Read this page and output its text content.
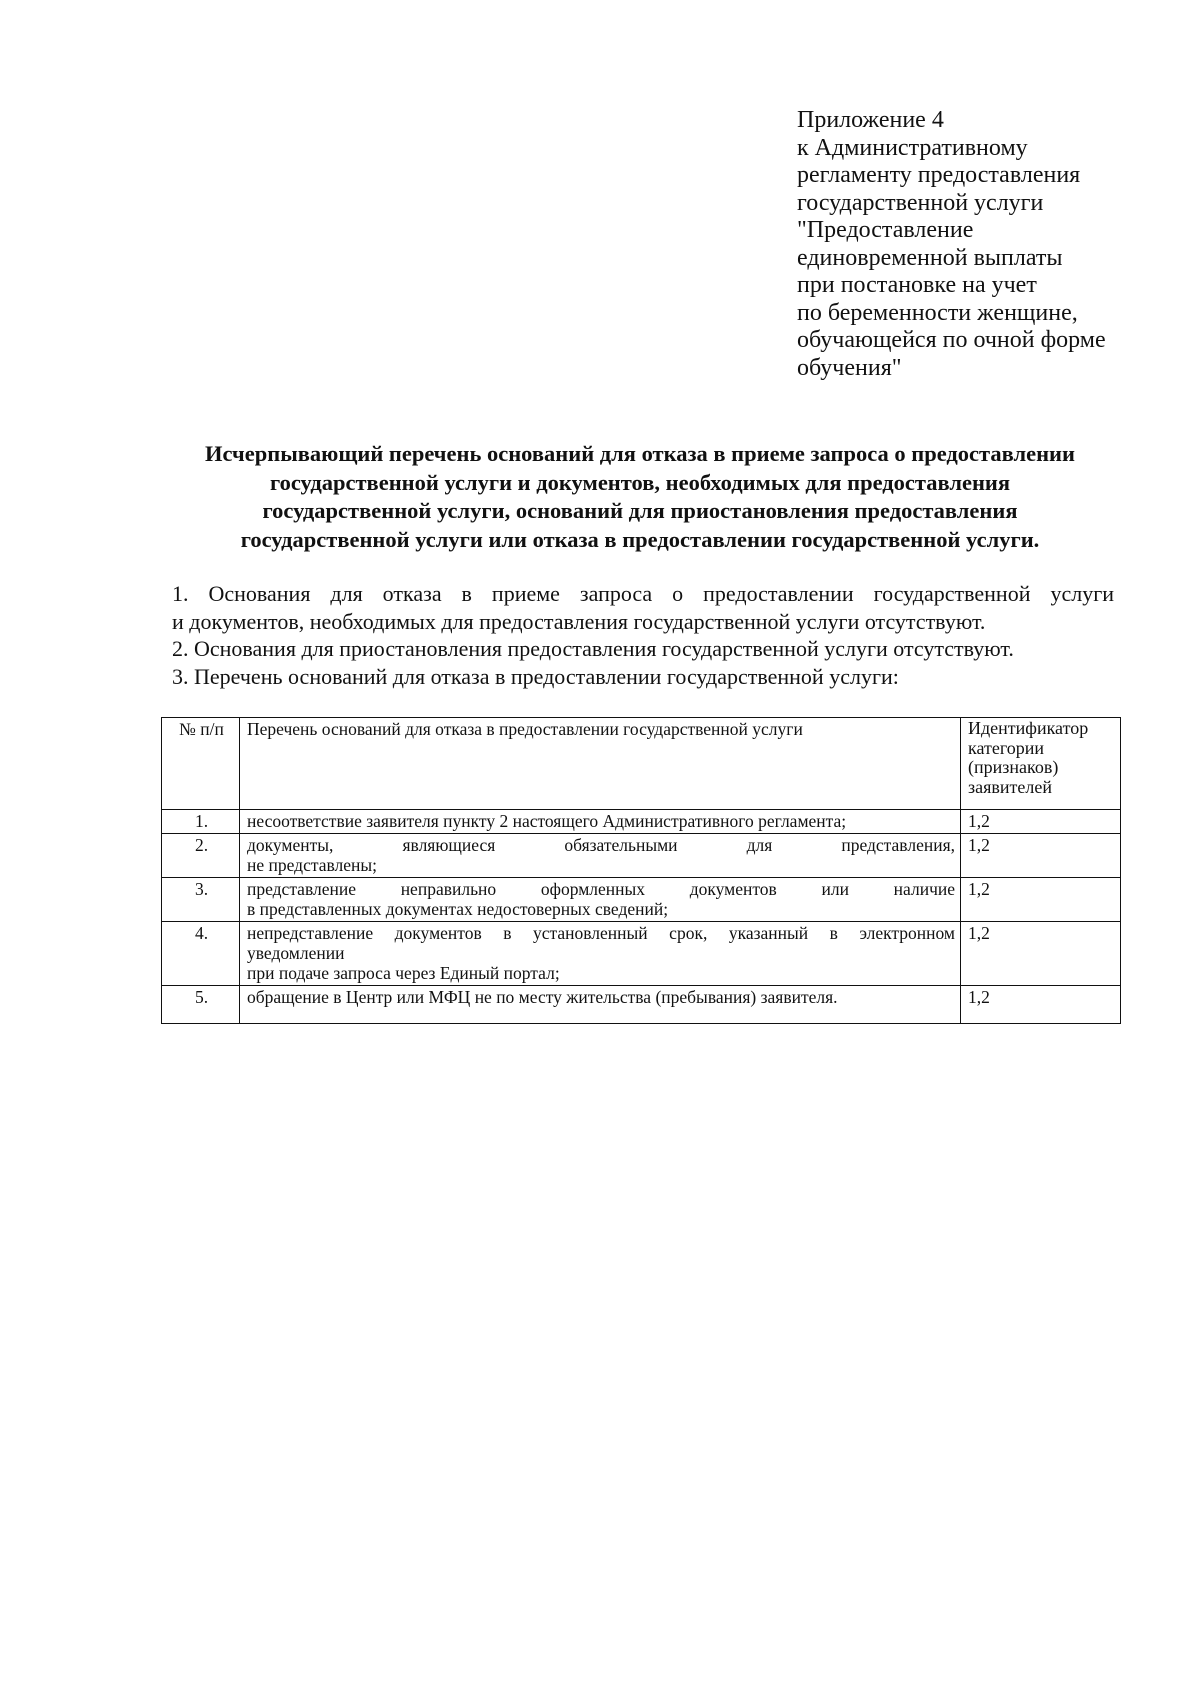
Приложение 4
к Административному
регламенту предоставления
государственной услуги
"Предоставление
единовременной выплаты
при постановке на учет
по беременности женщине,
обучающейся по очной форме
обучения"
Исчерпывающий перечень оснований для отказа в приеме запроса о предоставлении
государственной услуги и документов, необходимых для предоставления
государственной услуги, оснований для приостановления предоставления
государственной услуги или отказа в предоставлении государственной услуги.

1. Основания для отказа в приеме запроса о предоставлении государственной услуги

и документов, необходимых для предоставления государственной услуги отсутствуют.

2. Основания для приостановления предоставления государственной услуги отсутствуют.

3. Перечень оснований для отказа в предоставлении государственной услуги:

№ п/п	Перечень оснований для отказа в предоставлении государственной услуги	Идентификатор категории (признаков) заявителей
1.	несоответствие заявителя пункту 2 настоящего Административного регламента;	1,2
2.	документы, являющиеся обязательными для представления,
не представлены;	1,2
3.	представление неправильно оформленных документов или наличие
в представленных документах недостоверных сведений;	1,2
4.	непредставление документов в установленный срок, указанный в электронном
уведомлении
при подаче запроса через Единый портал;	1,2
5.	обращение в Центр или МФЦ не по месту жительства (пребывания) заявителя.	1,2
